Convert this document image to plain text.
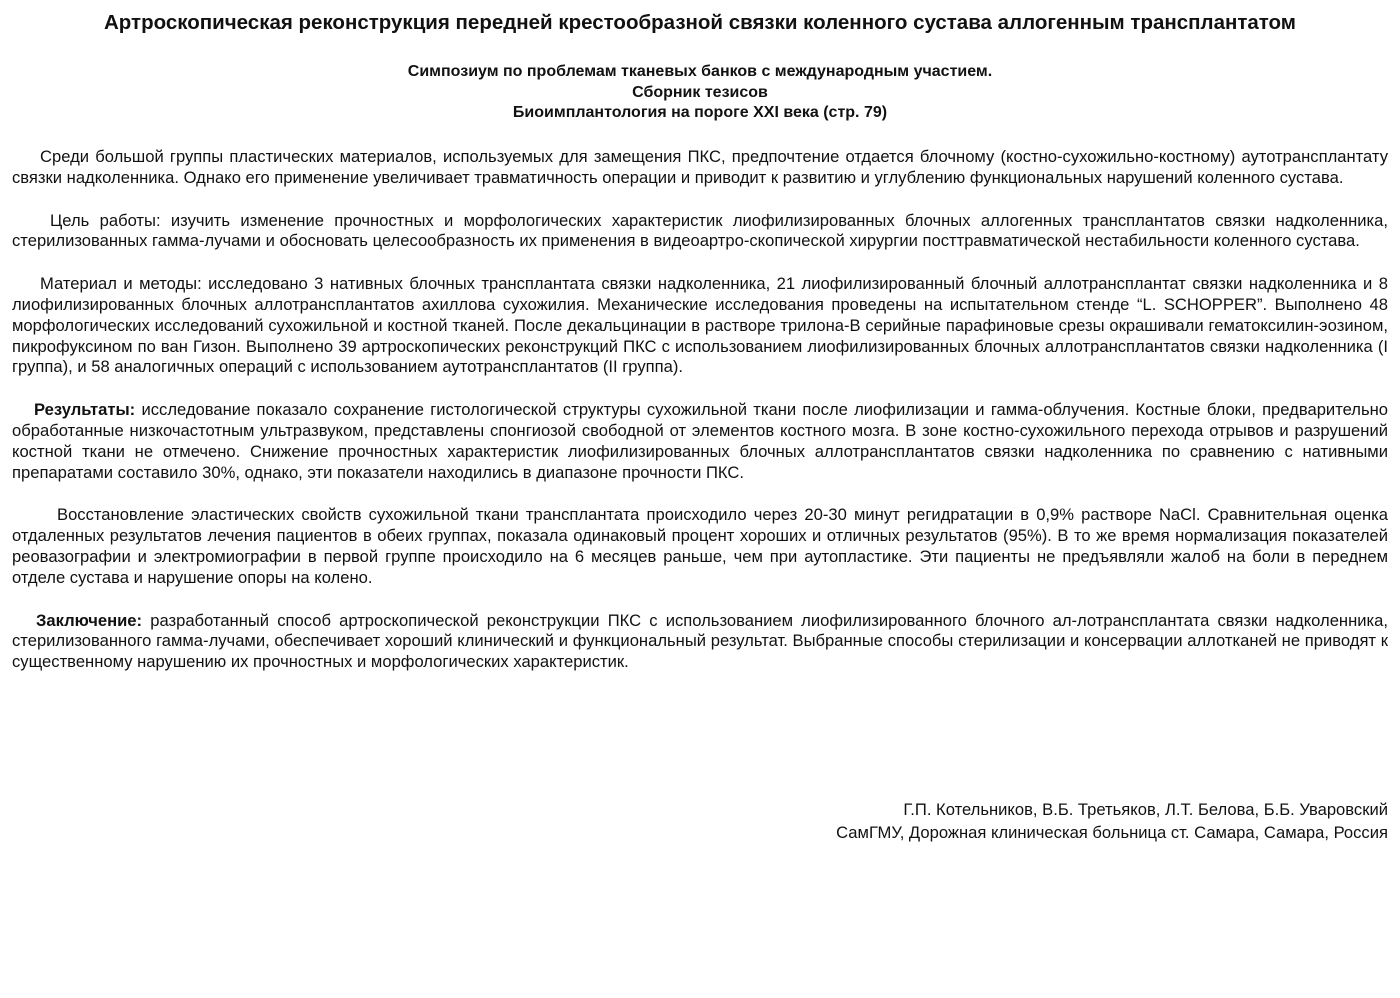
Артроскопическая реконструкция передней крестообразной связки коленного сустава аллогенным трансплантатом
Симпозиум по проблемам тканевых банков с международным участием.
Сборник тезисов
Биоимплантология на пороге XXI века (стр. 79)

Среди большой группы пластических материалов, используемых для замещения ПКС, предпочтение отдается блочному (костно-сухожильно-костному) аутотрансплантату связки надколенника. Однако его применение увеличивает травматичность операции и приводит к развитию и углублению функциональных нарушений коленного сустава.

Цель работы: изучить изменение прочностных и морфологических характеристик лиофилизированных блочных аллогенных трансплантатов связки надколенника, стерилизованных гамма-лучами и обосновать целесообразность их применения в видеоартро-скопической хирургии посттравматической нестабильности коленного сустава.

Материал и методы: исследовано 3 нативных блочных трансплантата связки надколенника, 21 лиофилизированный блочный аллотрансплантат связки надколенника и 8 лиофилизированных блочных аллотрансплантатов ахиллова сухожилия. Механические исследования проведены на испытательном стенде “L. SCHOPPER”. Выполнено 48 морфологических исследований сухожильной и костной тканей. После декальцинации в растворе трилона-В серийные парафиновые срезы окрашивали гематоксилин-эозином, пикрофуксином по ван Гизон. Выполнено 39 артроскопических реконструкций ПКС с использованием лиофилизированных блочных аллотрансплантатов связки надколенника (I группа), и 58 аналогичных операций с использованием аутотрансплантатов (II группа).

Результаты: исследование показало сохранение гистологической структуры сухожильной ткани после лиофилизации и гамма-облучения. Костные блоки, предварительно обработанные низкочастотным ультразвуком, представлены спонгиозой свободной от элементов костного мозга. В зоне костно-сухожильного перехода отрывов и разрушений костной ткани не отмечено. Снижение прочностных характеристик лиофилизированных блочных аллотрансплантатов связки надколенника по сравнению с нативными препаратами составило 30%, однако, эти показатели находились в диапазоне прочности ПКС.

Восстановление эластических свойств сухожильной ткани трансплантата происходило через 20-30 минут регидратации в 0,9% растворе NaCl. Сравнительная оценка отдаленных результатов лечения пациентов в обеих группах, показала одинаковый процент хороших и отличных результатов (95%). В то же время нормализация показателей реовазографии и электромиографии в первой группе происходило на 6 месяцев раньше, чем при аутопластике. Эти пациенты не предъявляли жалоб на боли в переднем отделе сустава и нарушение опоры на колено.

Заключение: разработанный способ артроскопической реконструкции ПКС с использованием лиофилизированного блочного ал-лотрансплантата связки надколенника, стерилизованного гамма-лучами, обеспечивает хороший клинический и функциональный результат. Выбранные способы стерилизации и консервации аллотканей не приводят к существенному нарушению их прочностных и морфологических характеристик.

Г.П. Котельников, В.Б. Третьяков, Л.Т. Белова, Б.Б. Уваровский
СамГМУ, Дорожная клиническая больница ст. Самара, Самара, Россия
